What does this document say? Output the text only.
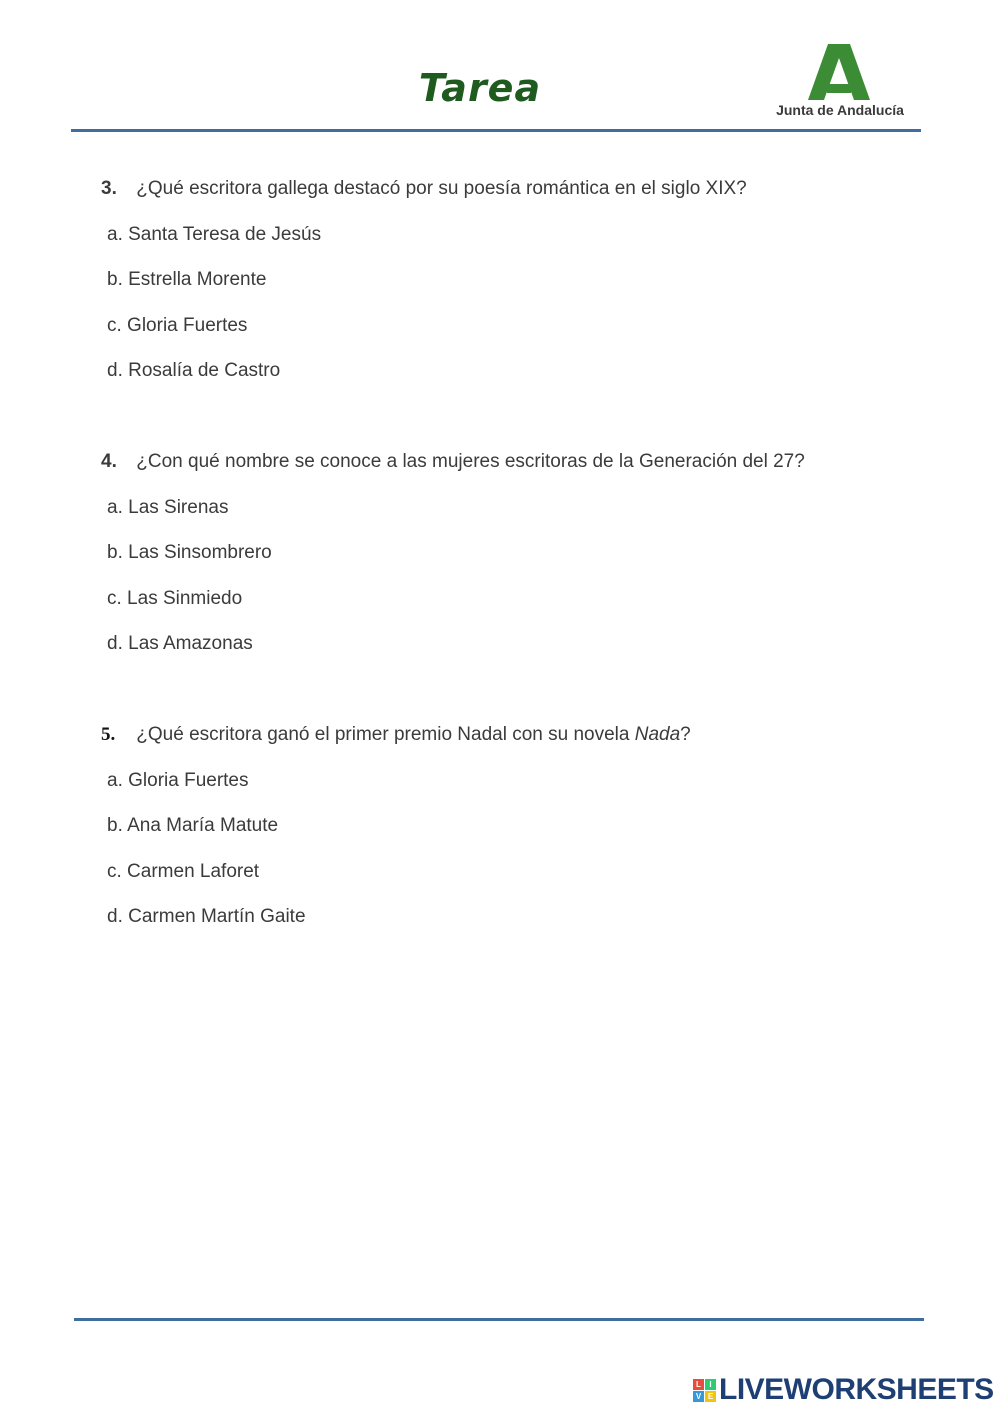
Tarea	Junta de Andalucía
3. ¿Qué escritora gallega destacó por su poesía romántica en el siglo XIX?
a. Santa Teresa de Jesús
b. Estrella Morente
c. Gloria Fuertes
d. Rosalía de Castro
4. ¿Con qué nombre se conoce a las mujeres escritoras de la Generación del 27?
a. Las Sirenas
b. Las Sinsombrero
c. Las Sinmiedo
d. Las Amazonas
5. ¿Qué escritora ganó el primer premio Nadal con su novela Nada?
a. Gloria Fuertes
b. Ana María Matute
c. Carmen Laforet
d. Carmen Martín Gaite
L	I
V E LIVEWORKSHEETS
